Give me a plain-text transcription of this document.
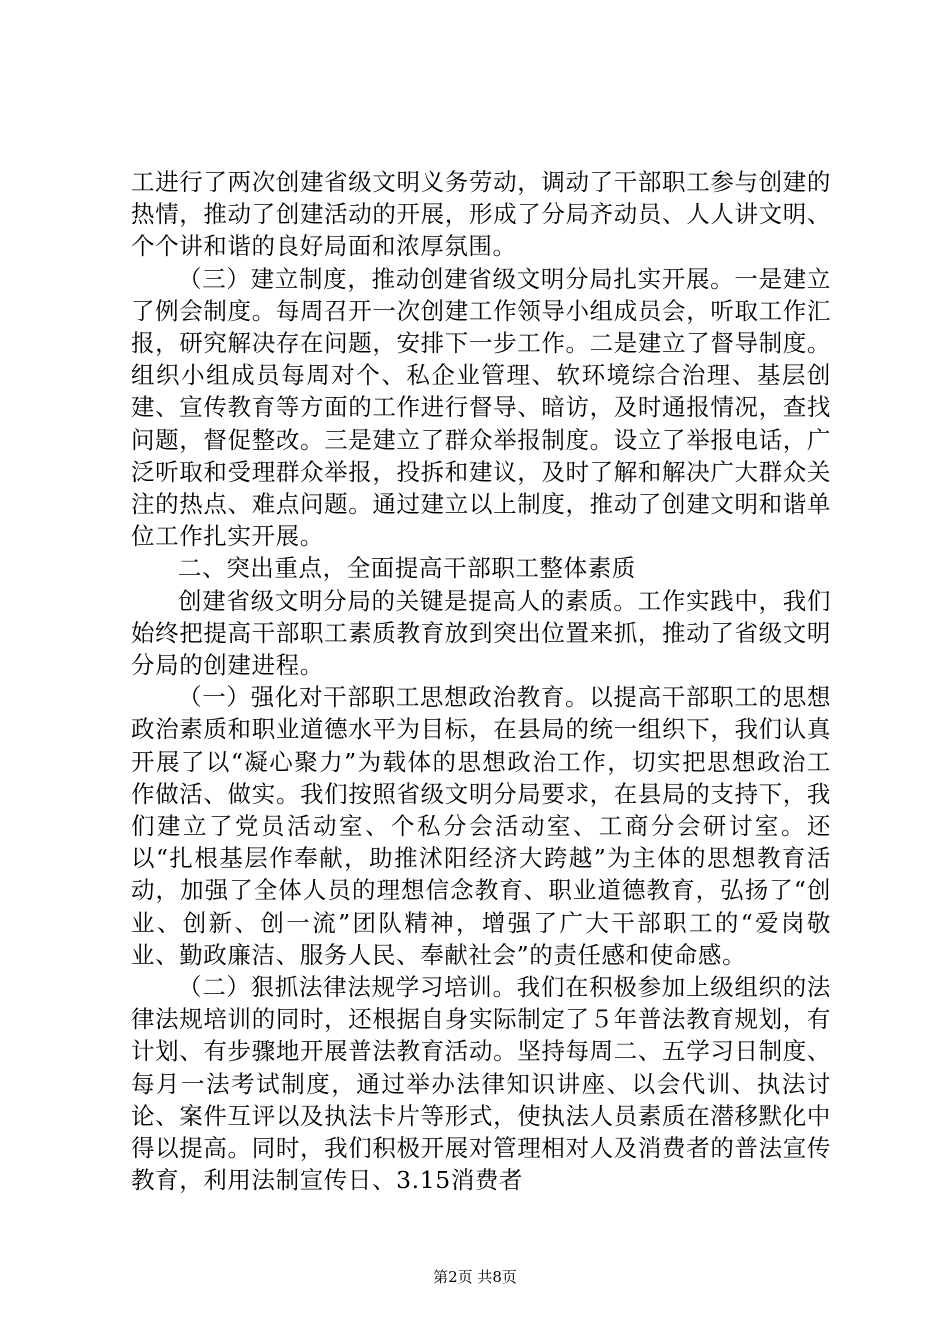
工进行了两次创建省级文明义务劳动，调动了干部职工参与创建的热情，推动了创建活动的开展，形成了分局齐动员、人人讲文明、个个讲和谐的良好局面和浓厚氛围。

（三）建立制度，推动创建省级文明分局扎实开展。一是建立了例会制度。每周召开一次创建工作领导小组成员会，听取工作汇报，研究解决存在问题，安排下一步工作。二是建立了督导制度。组织小组成员每周对个、私企业管理、软环境综合治理、基层创建、宣传教育等方面的工作进行督导、暗访，及时通报情况，查找问题，督促整改。三是建立了群众举报制度。设立了举报电话，广泛听取和受理群众举报，投拆和建议，及时了解和解决广大群众关注的热点、难点问题。通过建立以上制度，推动了创建文明和谐单位工作扎实开展。

二、突出重点，全面提高干部职工整体素质

创建省级文明分局的关键是提高人的素质。工作实践中，我们始终把提高干部职工素质教育放到突出位置来抓，推动了省级文明分局的创建进程。

（一）强化对干部职工思想政治教育。以提高干部职工的思想政治素质和职业道德水平为目标，在县局的统一组织下，我们认真开展了以“凝心聚力”为载体的思想政治工作，切实把思想政治工作做活、做实。我们按照省级文明分局要求，在县局的支持下，我们建立了党员活动室、个私分会活动室、工商分会研讨室。还以“扎根基层作奉献，助推沭阳经济大跨越”为主体的思想教育活动，加强了全体人员的理想信念教育、职业道德教育，弘扬了“创业、创新、创一流”团队精神，增强了广大干部职工的“爱岗敬业、勤政廉洁、服务人民、奉献社会”的责任感和使命感。

（二）狠抓法律法规学习培训。我们在积极参加上级组织的法律法规培训的同时，还根据自身实际制定了５年普法教育规划，有计划、有步骤地开展普法教育活动。坚持每周二、五学习日制度、每月一法考试制度，通过举办法律知识讲座、以会代训、执法讨论、案件互评以及执法卡片等形式，使执法人员素质在潜移默化中得以提高。同时，我们积极开展对管理相对人及消费者的普法宣传教育，利用法制宣传日、3.15消费者

第2页 共8页
